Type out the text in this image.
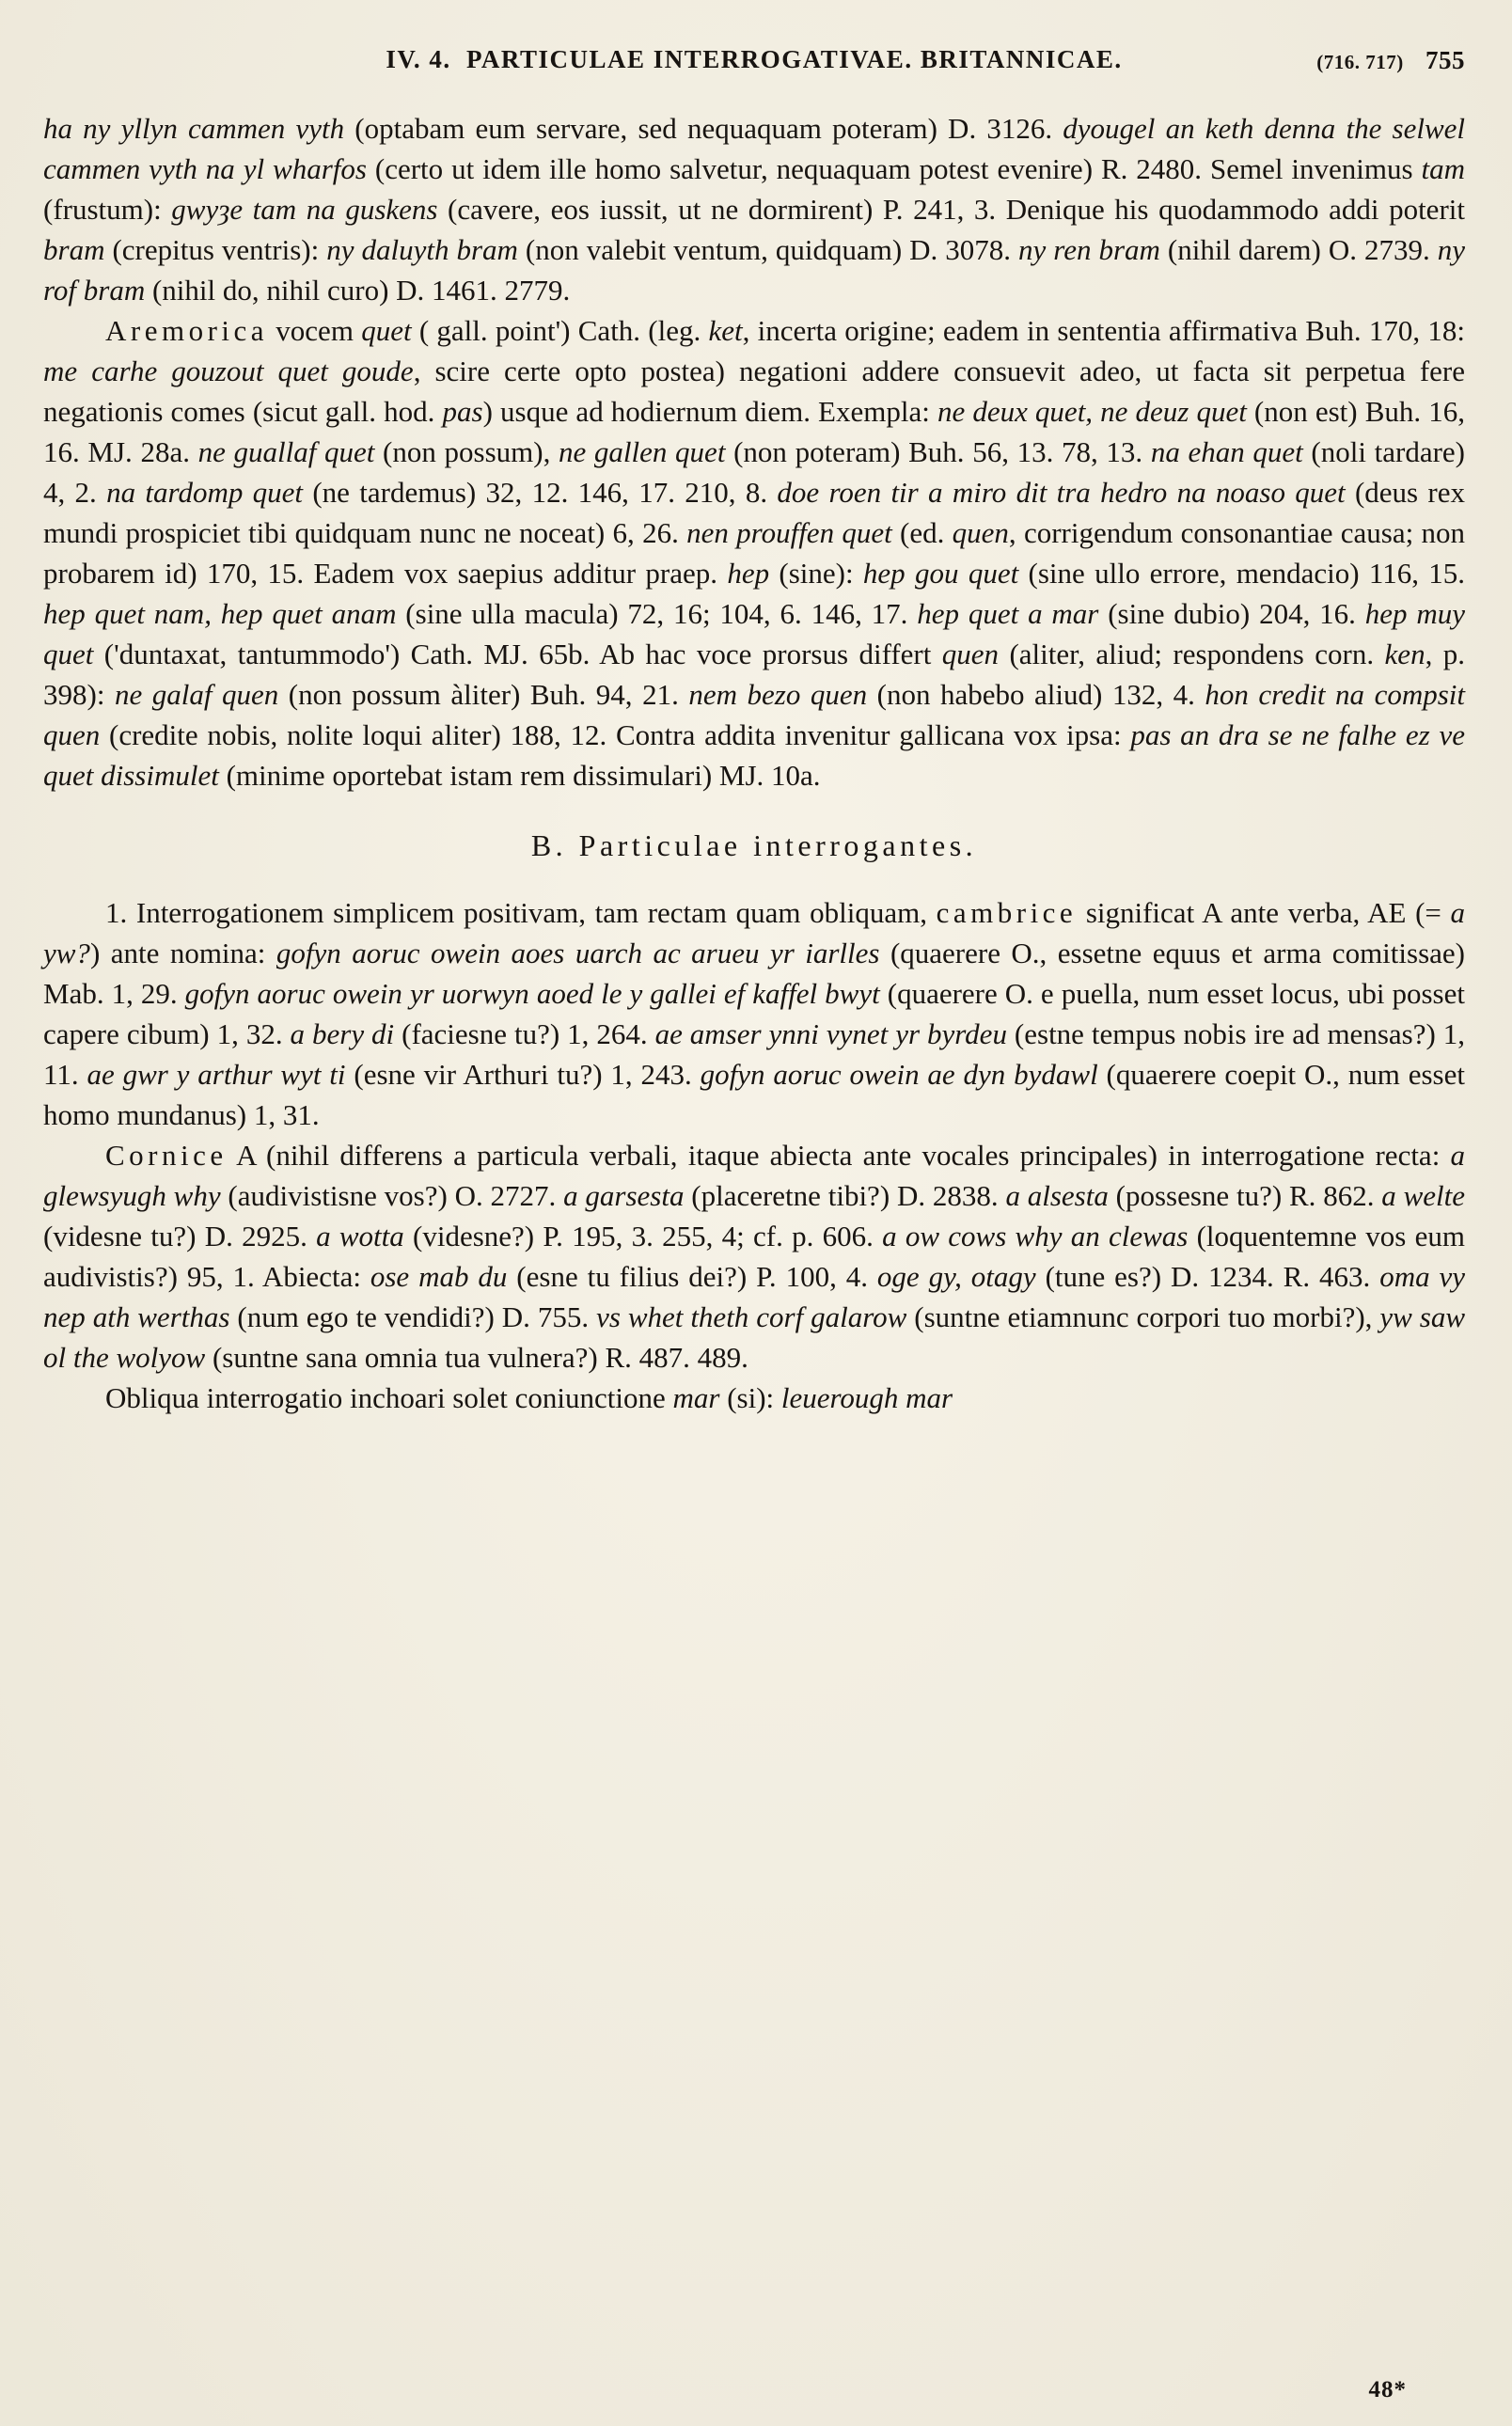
IV. 4. PARTICULAE INTERROGATIVAE. BRITANNICAE.	(716. 717) 755

ha ny yllyn cammen vyth (optabam eum servare, sed nequaquam poteram) D. 3126. dyougel an keth denna the selwel cammen vyth na yl wharfos (certo ut idem ille homo salvetur, nequaquam potest evenire) R. 2480. Semel invenimus tam (frustum): gwyȝe tam na guskens (cavere, eos iussit, ut ne dormirent) P. 241, 3. Denique his quodammodo addi poterit bram (crepitus ventris): ny daluyth bram (non valebit ventum, quidquam) D. 3078. ny ren bram (nihil darem) O. 2739. ny rof bram (nihil do, nihil curo) D. 1461. 2779.

Aremorica vocem quet ( gall. point') Cath. (leg. ket, incerta origine; eadem in sententia affirmativa Buh. 170, 18: me carhe gouzout quet goude, scire certe opto postea) negationi addere consuevit adeo, ut facta sit perpetua fere negationis comes (sicut gall. hod. pas) usque ad hodiernum diem. Exempla: ne deux quet, ne deuz quet (non est) Buh. 16, 16. MJ. 28a. ne guallaf quet (non possum), ne gallen quet (non poteram) Buh. 56, 13. 78, 13. na ehan quet (noli tardare) 4, 2. na tardomp quet (ne tardemus) 32, 12. 146, 17. 210, 8. doe roen tir a miro dit tra hedro na noaso quet (deus rex mundi prospiciet tibi quidquam nunc ne noceat) 6, 26. nen prouffen quet (ed. quen, corrigendum consonantiae causa; non probarem id) 170, 15. Eadem vox saepius additur praep. hep (sine): hep gou quet (sine ullo errore, mendacio) 116, 15. hep quet nam, hep quet anam (sine ulla macula) 72, 16; 104, 6. 146, 17. hep quet a mar (sine dubio) 204, 16. hep muy quet ('duntaxat, tantummodo') Cath. MJ. 65b. Ab hac voce prorsus differt quen (aliter, aliud; respondens corn. ken, p. 398): ne galaf quen (non possum àliter) Buh. 94, 21. nem bezo quen (non habebo aliud) 132, 4. hon credit na compsit quen (credite nobis, nolite loqui aliter) 188, 12. Contra addita invenitur gallicana vox ipsa: pas an dra se ne falhe ez ve quet dissimulet (minime oportebat istam rem dissimulari) MJ. 10a.

B. Particulae interrogantes.

1. Interrogationem simplicem positivam, tam rectam quam obliquam, cambrice significat A ante verba, AE (= a yw?) ante nomina: gofyn aoruc owein aoes uarch ac arueu yr iarlles (quaerere O., essetne equus et arma comitissae) Mab. 1, 29. gofyn aoruc owein yr uorwyn aoed le y gallei ef kaffel bwyt (quaerere O. e puella, num esset locus, ubi posset capere cibum) 1, 32. a bery di (faciesne tu?) 1, 264. ae amser ynni vynet yr byrdeu (estne tempus nobis ire ad mensas?) 1, 11. ae gwr y arthur wyt ti (esne vir Arthuri tu?) 1, 243. gofyn aoruc owein ae dyn bydawl (quaerere coepit O., num esset homo mundanus) 1, 31.

Cornice A (nihil differens a particula verbali, itaque abiecta ante vocales principales) in interrogatione recta: a glewsyugh why (audivistisne vos?) O. 2727. a garsesta (placeretne tibi?) D. 2838. a alsesta (possesne tu?) R. 862. a welte (videsne tu?) D. 2925. a wotta (videsne?) P. 195, 3. 255, 4; cf. p. 606. a ow cows why an clewas (loquentemne vos eum audivistis?) 95, 1. Abiecta: ose mab du (esne tu filius dei?) P. 100, 4. oge gy, otagy (tune es?) D. 1234. R. 463. oma vy nep ath werthas (num ego te vendidi?) D. 755. vs whet theth corf galarow (suntne etiamnunc corpori tuo morbi?), yw saw ol the wolyow (suntne sana omnia tua vulnera?) R. 487. 489.

Obliqua interrogatio inchoari solet coniunctione mar (si): leuerough mar

48*
